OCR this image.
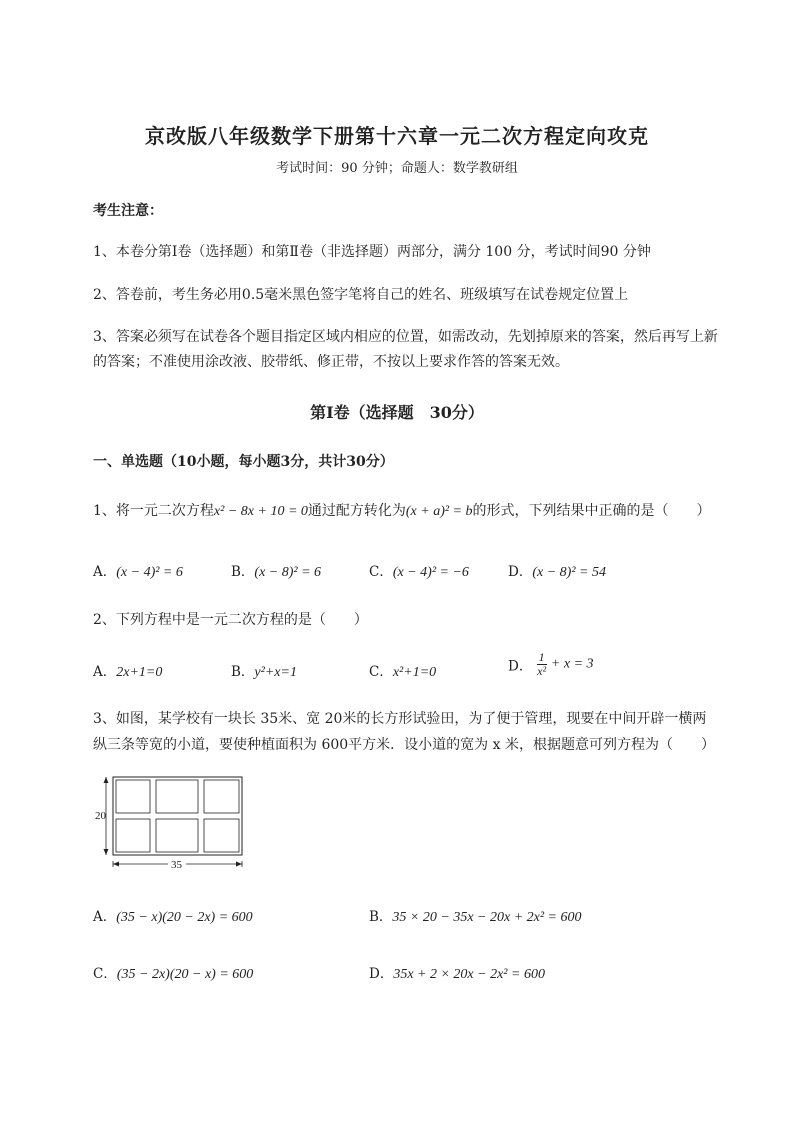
京改版八年级数学下册第十六章一元二次方程定向攻克
考试时间：90 分钟；命题人：数学教研组
考生注意：
1、本卷分第Ⅰ卷（选择题）和第Ⅱ卷（非选择题）两部分，满分 100 分，考试时间90 分钟
2、答卷前，考生务必用0.5毫米黑色签字笔将自己的姓名、班级填写在试卷规定位置上
3、答案必须写在试卷各个题目指定区域内相应的位置，如需改动，先划掉原来的答案，然后再写上新
的答案；不准使用涂改液、胶带纸、修正带，不按以上要求作答的答案无效。
第Ⅰ卷（选择题　30分）
一、单选题（10小题，每小题3分，共计30分）
1、将一元二次方程x² − 8x + 10 = 0通过配方转化为(x + a)² = b的形式，下列结果中正确的是（　　）
A．(x − 4)² = 6	B．(x − 8)² = 6	C．(x − 4)² = −6	D．(x − 8)² = 54
2、下列方程中是一元二次方程的是（　　）
A．2x+1=0	B．y²+x=1	C．x²+1=0	D． $\frac{1}{\text{x²}} + x = 3$
3、如图，某学校有一块长 35米、宽 20米的长方形试验田，为了便于管理，现要在中间开辟一横两
纵三条等宽的小道，要使种植面积为 600平方米．设小道的宽为 x 米，根据题意可列方程为（　　）
20
35
A．(35 − x)(20 − 2x) = 600	B．35 × 20 − 35x − 20x + 2x² = 600
C．(35 − 2x)(20 − x) = 600	D．35x + 2 × 20x − 2x² = 600
